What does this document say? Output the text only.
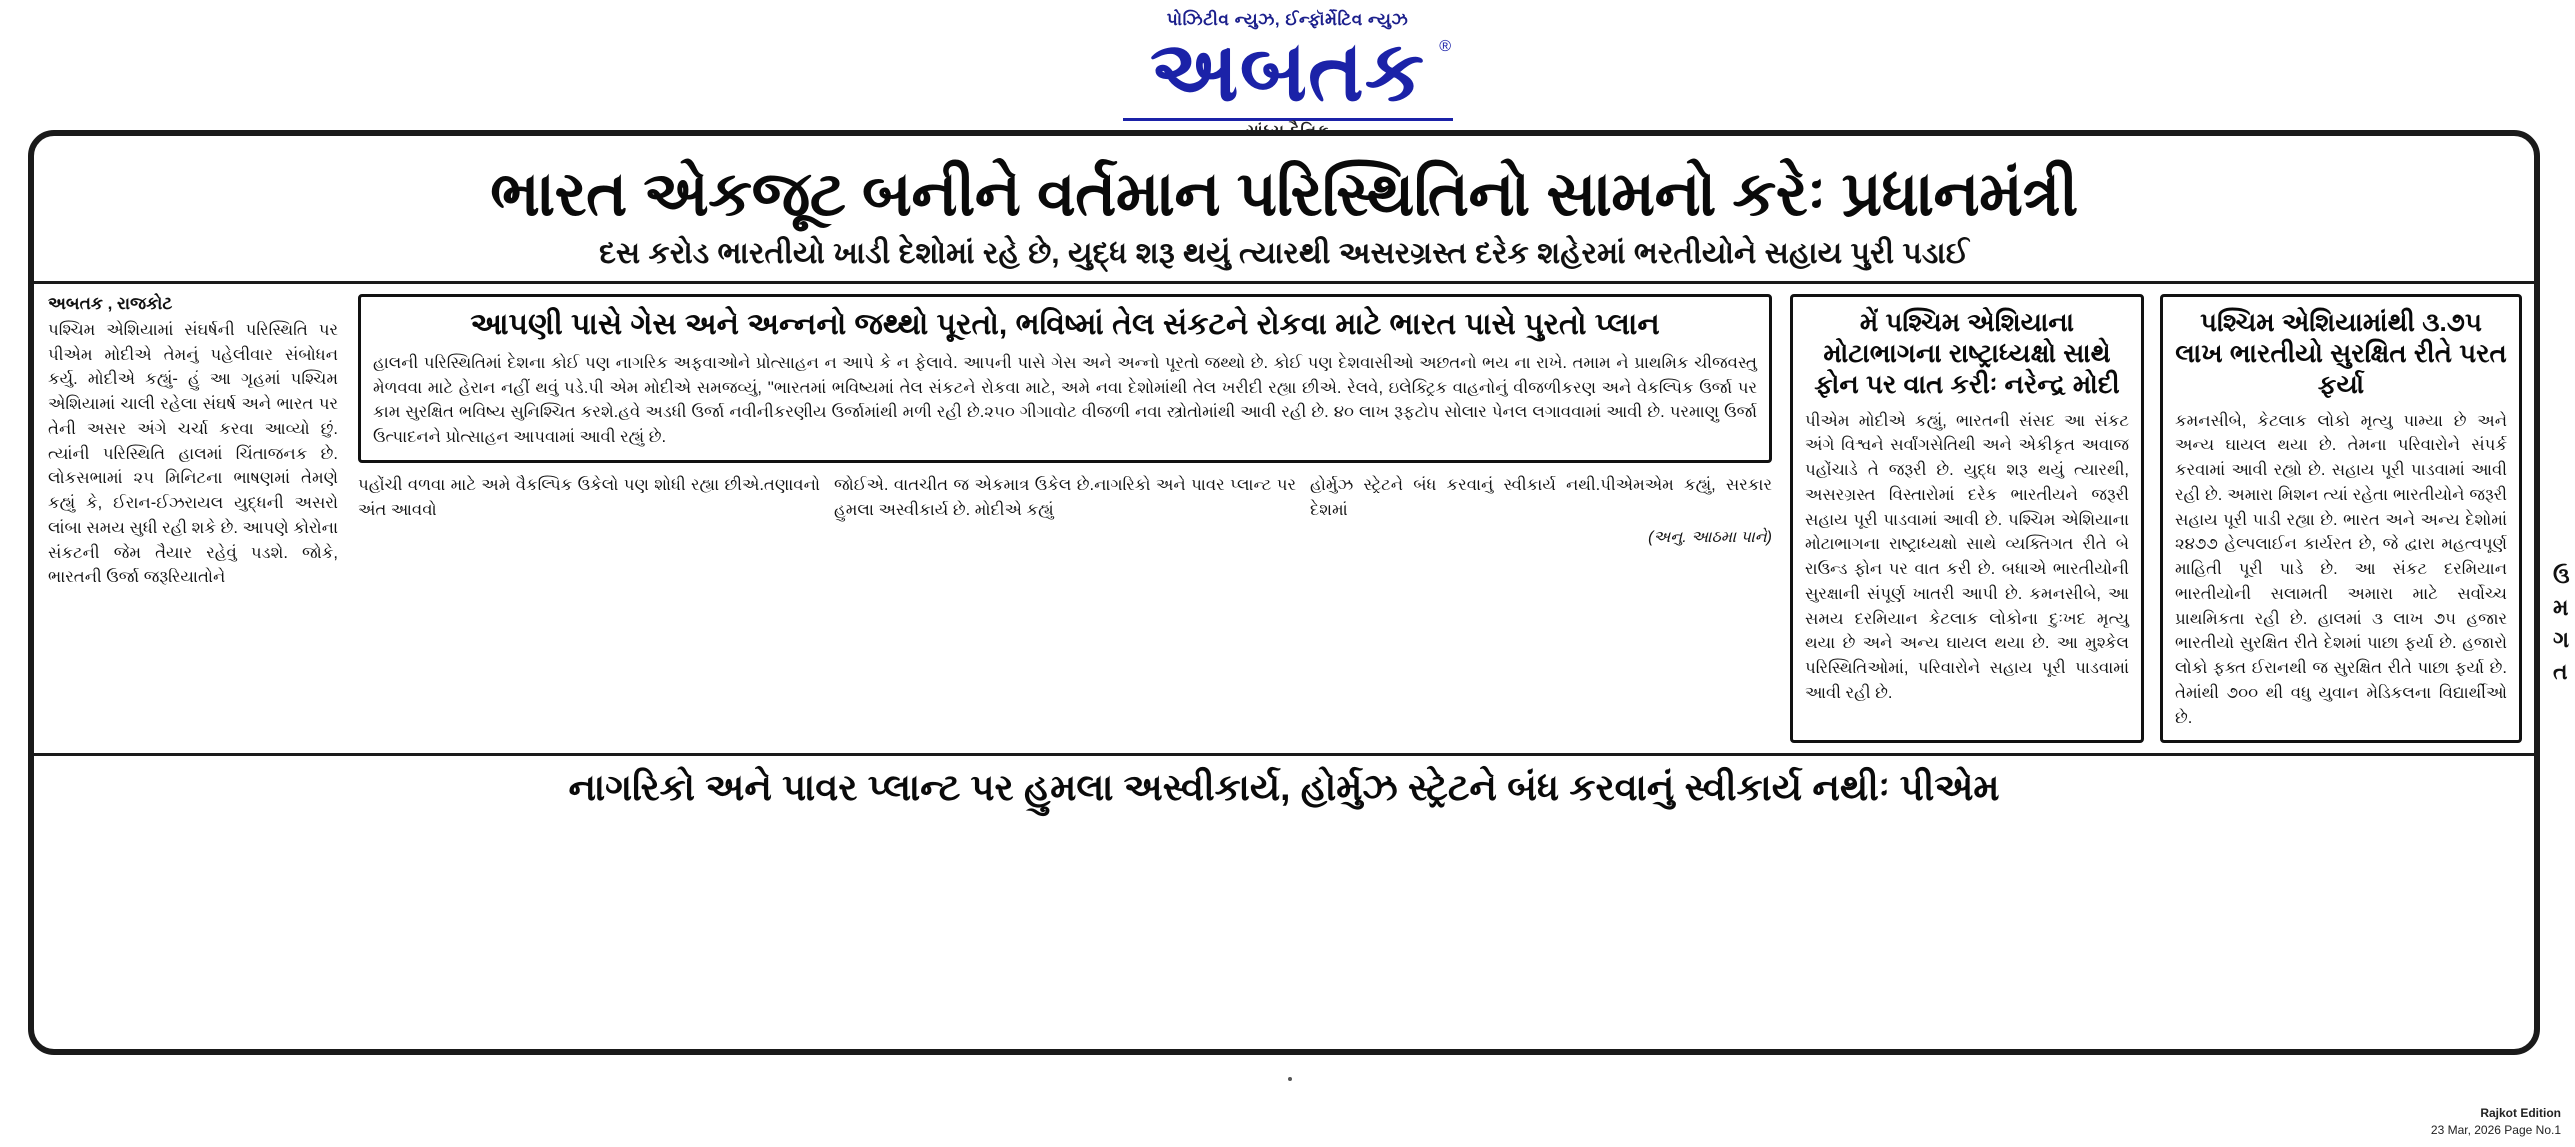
પોઝિટીવ ન્યુઝ, ઈન્ફૉર્મેટિવ ન્યુઝ
અબતક ®
ભારત એકજૂટ બનીને વર્તમાન પરિસ્થિતિનો સામનો કરેઃ પ્રધાનમંત્રી
દસ કરોડ ભારતીયો ખાડી દેશોમાં રહે છે, યુદ્ધ શરૂ થયું ત્યારથી અસરગ્રસ્ત દરેક શહેરમાં ભરતીયોને સહાય પુરી પડાઈ
અબતક , રાજકોટ
પશ્ચિમ એશિયામાં સંઘર્ષની પરિસ્થિતિ પર પીએમ મોદીએ તેમનું પહેલીવાર સંબોધન કર્યુ. મોદીએ કહ્યું- હું આ ગૃહમાં પશ્ચિમ એશિયામાં ચાલી રહેલા સંઘર્ષ અને ભારત પર તેની અસર અંગે ચર્ચા કરવા આવ્યો છું. ત્યાંની પરિસ્થિતિ હાલમાં ચિંતાજનક છે. લોકસભામાં ૨૫ મિનિટના ભાષણમાં તેમણે કહ્યું કે, ઈરાન-ઈઝરાયલ યુદ્ધની અસરો લાંબા સમય સુધી રહી શકે છે. આપણે કોરોના સંકટની જેમ તૈયાર રહેવું પડશે. જોકે, ભારતની ઉર્જા જરૂરિયાતોને
આપણી પાસે ગેસ અને અન્નનો જથ્થો પૂરતો, ભવિષ્માં તેલ સંકટને રોકવા માટે ભારત પાસે પુરતો પ્લાન
હાલની પરિસ્થિતિમાં દેશના કોઈ પણ નાગરિક અફવાઓને પ્રોત્સાહન ન આપે કે ન ફેલાવે. આપની પાસે ગેસ અને અન્નો પૂરતો જથ્થો છે. કોઈ પણ દેશવાસીઓ અછતનો ભય ના રાખે. તમામ ને પ્રાથમિક ચીજવસ્તુ મેળવવા માટે હેરાન નહીં થવું પડે.પી એમ મોદીએ સમજવ્યું, ''ભારતમાં ભવિષ્યમાં તેલ સંકટને રોકવા માટે, અમે નવા દેશોમાંથી તેલ ખરીદી રહ્યા છીએ. રેલવે, ઇલેક્ટ્રિક વાહનોનું વીજળીકરણ અને વેકલ્પિક ઉર્જા પર કામ સુરક્ષિત ભવિષ્ય સુનિશ્ચિત કરશે.હવે અડધી ઉર્જા નવીનીકરણીય ઉર્જામાંથી મળી રહી છે.૨૫૦ ગીગાવોટ વીજળી નવા સ્ત્રોતોમાંથી આવી રહી છે. ૪૦ લાખ રૂફટોપ સોલાર પેનલ લગાવવામાં આવી છે. પરમાણુ ઉર્જા ઉત્પાદનને પ્રોત્સાહન આપવામાં આવી રહ્યું છે.
પહોંચી વળવા માટે અમે વૈકલ્પિક ઉકેલો પણ શોધી રહ્યા છીએ.તણાવનો અંત આવવો
જોઈએ. વાતચીત જ એકમાત્ર ઉકેલ છે.નાગરિકો અને પાવર પ્લાન્ટ પર હુમલા અસ્વીકાર્ય છે. મોદીએ કહ્યું
હોર્મુઝ સ્ટ્રેટને બંધ કરવાનું સ્વીકાર્ય નથી.પીએમએમ કહ્યું, સરકાર દેશમાં
(અનુ. આઠમા પાને)
મેં પશ્ચિમ એશિયાના મોટાભાગના રાષ્ટ્રાધ્યક્ષો સાથે ફોન પર વાત કરીઃ નરેન્દ્ર મોદી
પીએમ મોદીએ કહ્યું, ભારતની સંસદ આ સંકટ અંગે વિશ્વને સર્વાંગસેતિથી અને એકીકૃત અવાજ પહોંચાડે તે જરૂરી છે. યુદ્ધ શરૂ થયું ત્યારથી, અસરગ્રસ્ત વિસ્તારોમાં દરેક ભારતીયને જરૂરી સહાય પૂરી પાડવામાં આવી છે. પશ્ચિમ એશિયાના મોટાભાગના રાષ્ટ્રાધ્યક્ષો સાથે વ્યક્તિગત રીતે બે રાઉન્ડ ફોન પર વાત કરી છે. બધાએ ભારતીયોની સુરક્ષાની સંપૂર્ણ ખાતરી આપી છે. કમનસીબે, આ સમય દરમિયાન કેટલાક લોકોના દુઃખદ મૃત્યુ થયા છે અને અન્ય ઘાયલ થયા છે. આ મુશ્કેલ પરિસ્થિતિઓમાં, પરિવારોને સહાય પૂરી પાડવામાં આવી રહી છે.
પશ્ચિમ એશિયામાંથી ૩.૭૫ લાખ ભારતીયો સુરક્ષિત રીતે પરત ફર્યા
કમનસીબે, કેટલાક લોકો મૃત્યુ પામ્યા છે અને અન્ય ઘાયલ થયા છે. તેમના પરિવારોને સંપર્ક કરવામાં આવી રહ્યો છે. સહાય પૂરી પાડવામાં આવી રહી છે. અમારા મિશન ત્યાં રહેતા ભારતીયોને જરૂરી સહાય પૂરી પાડી રહ્યા છે. ભારત અને અન્ય દેશોમાં ૨૪૭૭ હેલ્પલાઈન કાર્યરત છે, જે દ્વારા મહત્વપૂર્ણ માહિતી પૂરી પાડે છે. આ સંકટ દરમિયાન ભારતીયોની સલામતી અમારા માટે સર્વોચ્ચ પ્રાથમિકતા રહી છે. હાલમાં ૩ લાખ ૭૫ હજાર ભારતીયો સુરક્ષિત રીતે દેશમાં પાછા ફર્યા છે. હજારો લોકો ફક્ત ઈરાનથી જ સુરક્ષિત રીતે પાછા ફર્યા છે. તેમાંથી ૭૦૦ થી વધુ યુવાન મેડિકલના વિદ્યાર્થીઓ છે.
નાગરિકો અને પાવર પ્લાન્ટ પર હુમલા અસ્વીકાર્ય, હોર્મુઝ સ્ટ્રેટને બંધ કરવાનું સ્વીકાર્ય નથીઃ પીએમ
ઉ મ ગ ત
Rajkot Edition
23 Mar, 2026 Page No.1
